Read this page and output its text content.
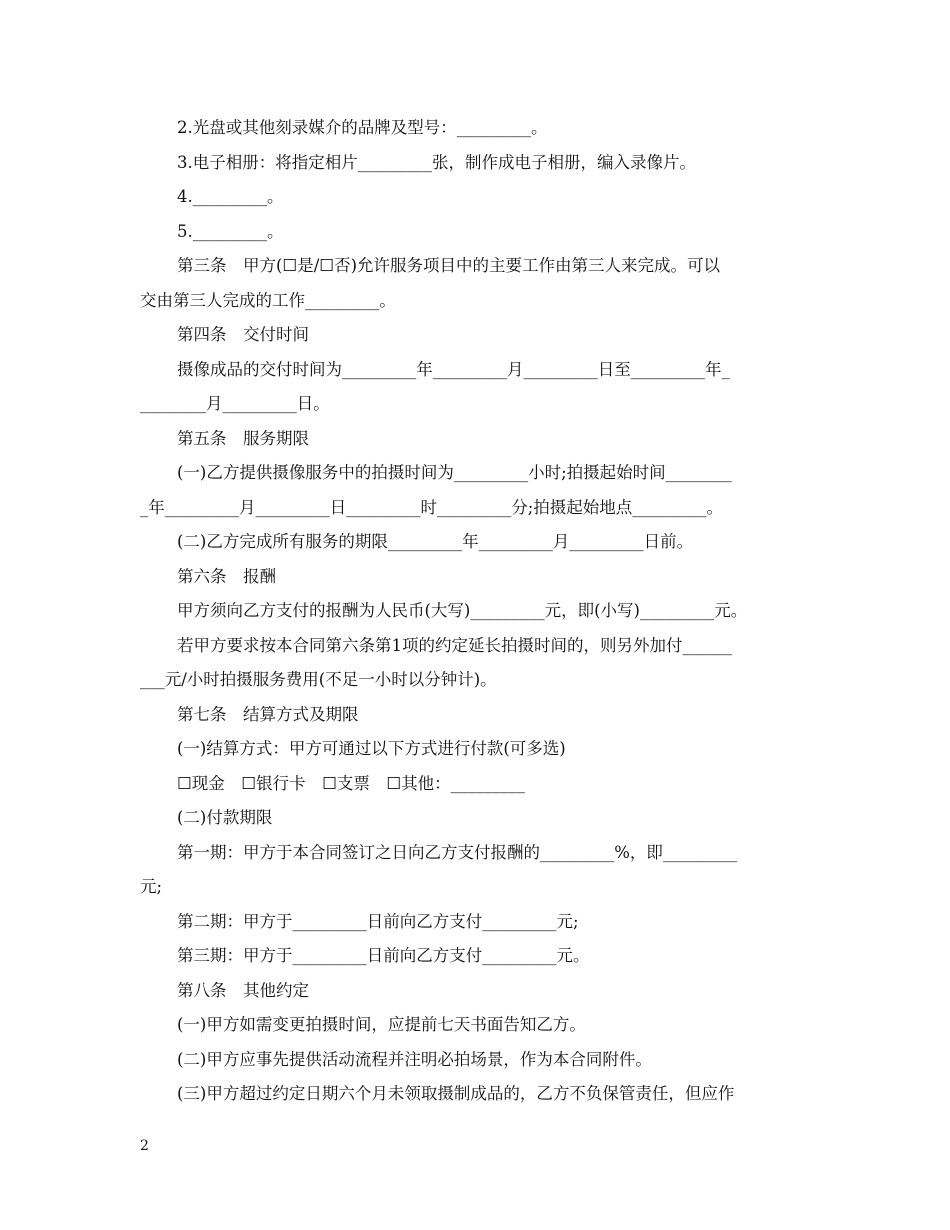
2.光盘或其他刻录媒介的品牌及型号：_________。
3.电子相册：将指定相片_________张，制作成电子相册，编入录像片。
4._________。
5._________。
第三条　甲方(☐是/☐否)允许服务项目中的主要工作由第三人来完成。可以
交由第三人完成的工作_________。
第四条　交付时间
摄像成品的交付时间为_________年_________月_________日至_________年_
________月_________日。
第五条　服务期限
(一)乙方提供摄像服务中的拍摄时间为_________小时;拍摄起始时间________
_年_________月_________日_________时_________分;拍摄起始地点_________。
(二)乙方完成所有服务的期限_________年_________月_________日前。
第六条　报酬
甲方须向乙方支付的报酬为人民币(大写)_________元，即(小写)_________元。
若甲方要求按本合同第六条第1项的约定延长拍摄时间的，则另外加付______
___元/小时拍摄服务费用(不足一小时以分钟计)。
第七条　结算方式及期限
(一)结算方式：甲方可通过以下方式进行付款(可多选)
☐现金　☐银行卡　☐支票　☐其他：_________
(二)付款期限
第一期：甲方于本合同签订之日向乙方支付报酬的_________%，即_________
元;
第二期：甲方于_________日前向乙方支付_________元;
第三期：甲方于_________日前向乙方支付_________元。
第八条　其他约定
(一)甲方如需变更拍摄时间，应提前七天书面告知乙方。
(二)甲方应事先提供活动流程并注明必拍场景，作为本合同附件。
(三)甲方超过约定日期六个月未领取摄制成品的，乙方不负保管责任，但应作
2
